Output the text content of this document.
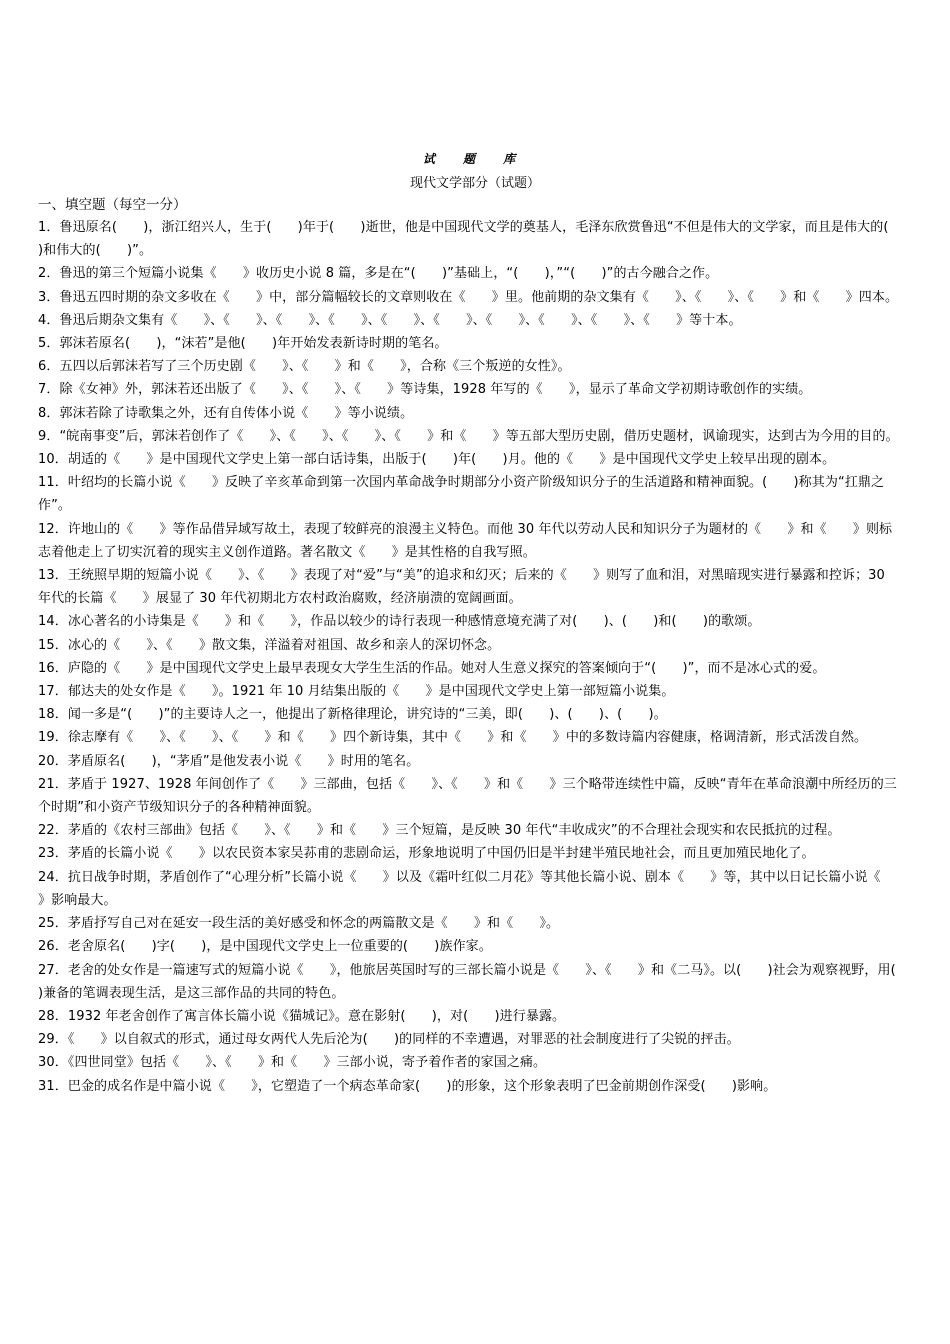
试 题 库
现代文学部分（试题）
一、填空题（每空一分）

1．鲁迅原名(　　)，浙江绍兴人，生于(　　)年于(　　)逝世，他是中国现代文学的奠基人，毛泽东欣赏鲁迅“不但是伟大的文学家，而且是伟大的(　　)和伟大的(　　)”。

2．鲁迅的第三个短篇小说集《　　》收历史小说 8 篇，多是在“(　　)”基础上，“(　　)，”“(　　)”的古今融合之作。

3．鲁迅五四时期的杂文多收在《　　》中，部分篇幅较长的文章则收在《　　》里。他前期的杂文集有《　　》、《　　》、《　　》和《　　》四本。

4．鲁迅后期杂文集有《　　》、《　　》、《　　》、《　　》、《　　》、《　　》、《　　》、《　　》、《　　》、《　　》等十本。

5．郭沫若原名(　　)，“沫若”是他(　　)年开始发表新诗时期的笔名。

6．五四以后郭沫若写了三个历史剧《　　》、《　　》和《　　》，合称《三个叛逆的女性》。

7．除《女神》外，郭沫若还出版了《　　》、《　　》、《　　》等诗集，1928 年写的《　　》，显示了革命文学初期诗歌创作的实绩。

8．郭沫若除了诗歌集之外，还有自传体小说《　　》等小说绩。

9．“皖南事变”后，郭沫若创作了《　　》、《　　》、《　　》、《　　》和《　　》等五部大型历史剧，借历史题材，讽谕现实，达到古为今用的目的。

10．胡适的《　　》是中国现代文学史上第一部白话诗集，出版于(　　)年(　　)月。他的《　　》是中国现代文学史上较早出现的剧本。

11．叶绍均的长篇小说《　　》反映了辛亥革命到第一次国内革命战争时期部分小资产阶级知识分子的生活道路和精神面貌。(　　)称其为“扛鼎之作”。

12．许地山的《　　》等作品借异域写故土，表现了较鲜亮的浪漫主义特色。而他 30 年代以劳动人民和知识分子为题材的《　　》和《　　》则标志着他走上了切实沉着的现实主义创作道路。著名散文《　　》是其性格的自我写照。

13．王统照早期的短篇小说《　　》、《　　》表现了对“爱”与“美”的追求和幻灭；后来的《　　》则写了血和泪，对黑暗现实进行暴露和控诉；30 年代的长篇《　　》展显了 30 年代初期北方农村政治腐败，经济崩溃的宽阔画面。

14．冰心著名的小诗集是《　　》和《　　》，作品以较少的诗行表现一种感情意境充满了对(　　)、(　　)和(　　)的歌颂。

15．冰心的《　　》、《　　》散文集，洋溢着对祖国、故乡和亲人的深切怀念。

16．庐隐的《　　》是中国现代文学史上最早表现女大学生生活的作品。她对人生意义探究的答案倾向于“(　　)”，而不是冰心式的爱。

17．郁达夫的处女作是《　　》。1921 年 10 月结集出版的《　　》是中国现代文学史上第一部短篇小说集。

18．闻一多是“(　　)”的主要诗人之一，他提出了新格律理论，讲究诗的“三美，即(　　)、(　　)、(　　)。

19．徐志摩有《　　》、《　　》、《　　》和《　　》四个新诗集，其中《　　》和《　　》中的多数诗篇内容健康，格调清新，形式活泼自然。

20．茅盾原名(　　)，“茅盾”是他发表小说《　　》时用的笔名。

21．茅盾于 1927、1928 年间创作了《　　》三部曲，包括《　　》、《　　》和《　　》三个略带连续性中篇，反映“青年在革命浪潮中所经历的三个时期”和小资产节级知识分子的各种精神面貌。

22．茅盾的《农村三部曲》包括《　　》、《　　》和《　　》三个短篇，是反映 30 年代“丰收成灾”的不合理社会现实和农民抵抗的过程。

23．茅盾的长篇小说《　　》以农民资本家吴荪甫的悲剧命运，形象地说明了中国仍旧是半封建半殖民地社会，而且更加殖民地化了。

24．抗日战争时期，茅盾创作了“心理分析”长篇小说《　　》以及《霜叶红似二月花》等其他长篇小说、剧本《　　》等，其中以日记长篇小说《　　》影响最大。

25．茅盾抒写自己对在延安一段生活的美好感受和怀念的两篇散文是《　　》和《　　》。

26．老舍原名(　　)字(　　)，是中国现代文学史上一位重要的(　　)族作家。

27．老舍的处女作是一篇速写式的短篇小说《　　》，他旅居英国时写的三部长篇小说是《　　》、《　　》和《二马》。以(　　)社会为观察视野，用(　　)兼备的笔调表现生活，是这三部作品的共同的特色。

28．1932 年老舍创作了寓言体长篇小说《猫城记》。意在影射(　　)，对(　　)进行暴露。

29．《　　》以自叙式的形式，通过母女两代人先后沦为(　　)的同样的不幸遭遇，对罪恶的社会制度进行了尖锐的抨击。

30．《四世同堂》包括《　　》、《　　》和《　　》三部小说，寄予着作者的家国之痛。

31．巴金的成名作是中篇小说《　　》，它塑造了一个病态革命家(　　)的形象，这个形象表明了巴金前期创作深受(　　)影响。
